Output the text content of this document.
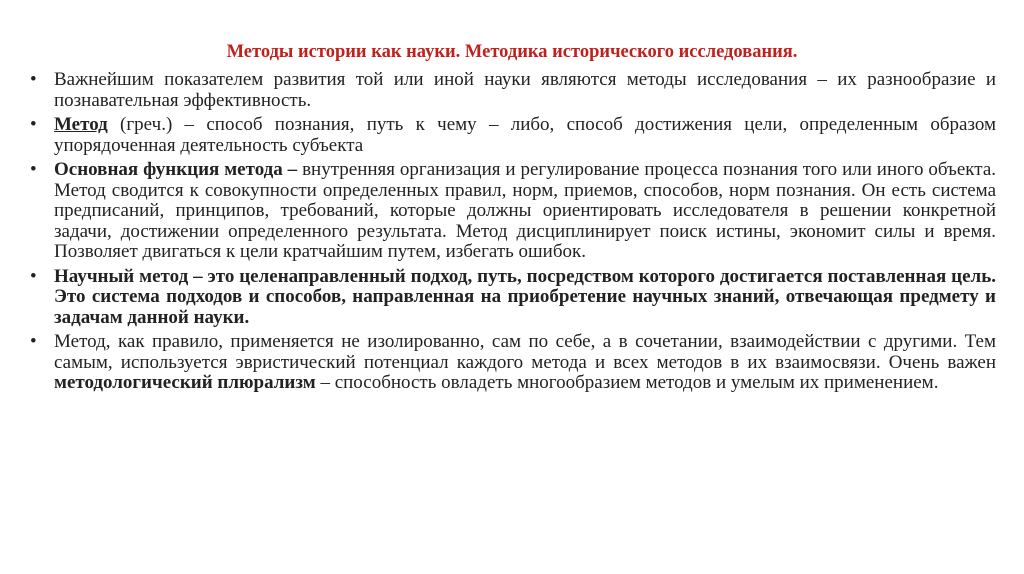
Методы истории как науки. Методика исторического исследования.
• Важнейшим показателем развития той или иной науки являются методы исследования – их разнообразие и познавательная эффективность.
• Метод (греч.) – способ познания, путь к чему – либо, способ достижения цели, определенным образом упорядоченная деятельность субъекта
• Основная функция метода – внутренняя организация и регулирование процесса познания того или иного объекта. Метод сводится к совокупности определенных правил, норм, приемов, способов, норм познания. Он есть система предписаний, принципов, требований, которые должны ориентировать исследователя в решении конкретной задачи, достижении определенного результата. Метод дисциплинирует поиск истины, экономит силы и время. Позволяет двигаться к цели кратчайшим путем, избегать ошибок.
• Научный метод – это целенаправленный подход, путь, посредством которого достигается поставленная цель. Это система подходов и способов, направленная на приобретение научных знаний, отвечающая предмету и задачам данной науки.
• Метод, как правило, применяется не изолированно, сам по себе, а в сочетании, взаимодействии с другими. Тем самым, используется эвристический потенциал каждого метода и всех методов в их взаимосвязи. Очень важен методологический плюрализм – способность овладеть многообразием методов и умелым их применением.
